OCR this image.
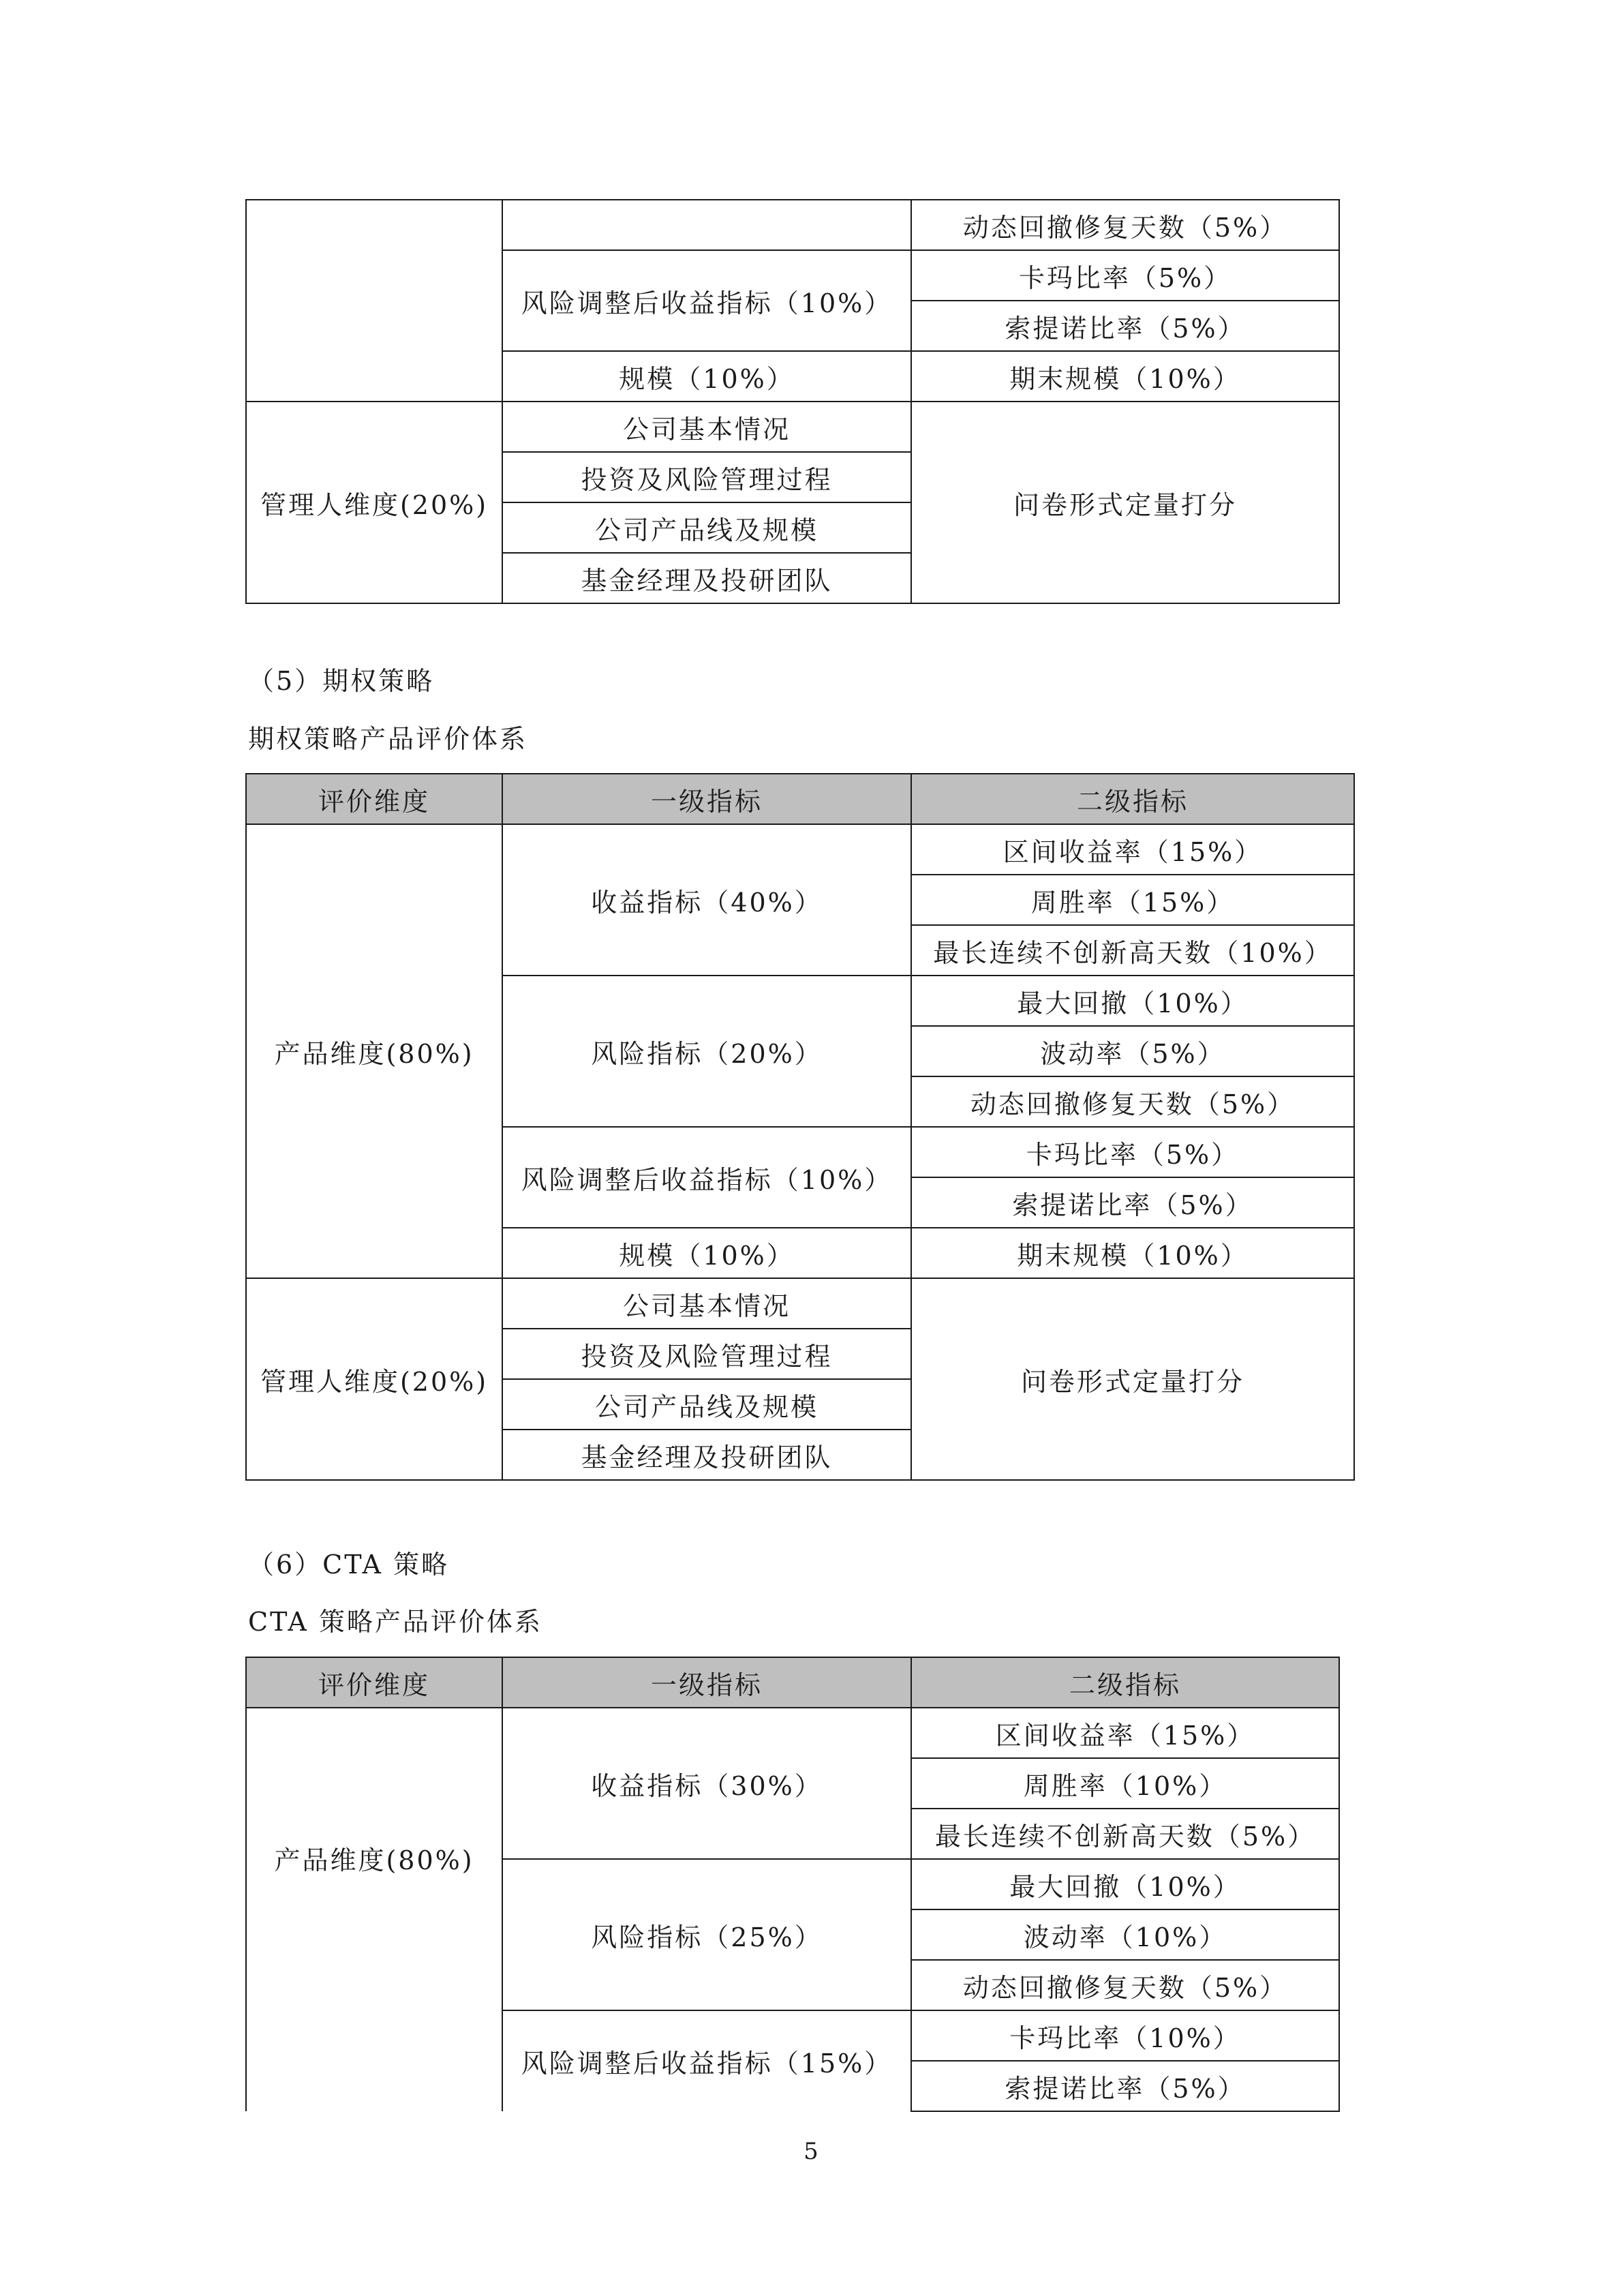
		动态回撤修复天数（5%）
	风险调整后收益指标（10%）	卡玛比率（5%）
		索提诺比率（5%）
	规模（10%）	期末规模（10%）
管理人维度(20%)	公司基本情况	问卷形式定量打分
	投资及风险管理过程	
	公司产品线及规模	
	基金经理及投研团队	

（5）期权策略

期权策略产品评价体系

评价维度	一级指标	二级指标
产品维度(80%)	收益指标（40%）	区间收益率（15%）
		周胜率（15%）
		最长连续不创新高天数（10%）
	风险指标（20%）	最大回撤（10%）
		波动率（5%）
		动态回撤修复天数（5%）
	风险调整后收益指标（10%）	卡玛比率（5%）
		索提诺比率（5%）
	规模（10%）	期末规模（10%）
管理人维度(20%)	公司基本情况	问卷形式定量打分
	投资及风险管理过程	
	公司产品线及规模	
	基金经理及投研团队	

（6）CTA 策略

CTA 策略产品评价体系

评价维度	一级指标	二级指标
产品维度(80%)	收益指标（30%）	区间收益率（15%）
		周胜率（10%）
		最长连续不创新高天数（5%）
	风险指标（25%）	最大回撤（10%）
		波动率（10%）
		动态回撤修复天数（5%）
	风险调整后收益指标（15%）	卡玛比率（10%）
		索提诺比率（5%）
5
